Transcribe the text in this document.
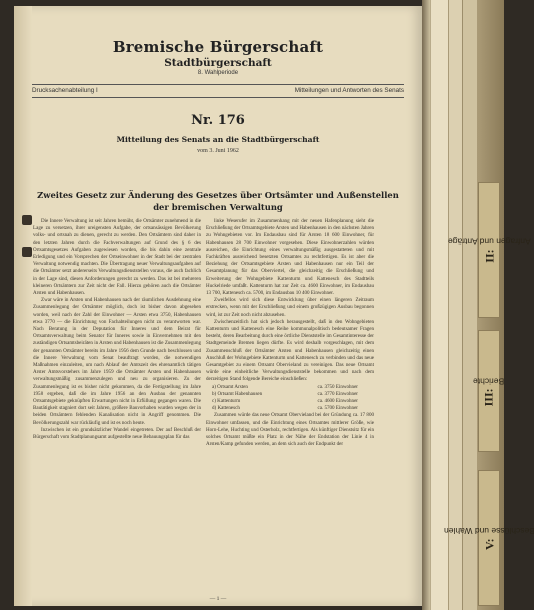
II: Anfragen und Anträge
III: Berichte
V: Beschlüsse und Wahlen
Bremische Bürgerschaft
Stadtbürgerschaft
8. Wahlperiode
Drucksachenabteilung I	Mitteilungen und Antworten des Senats
Nr. 176
Mitteilung des Senats an die Stadtbürgerschaft
vom 3. Juni 1962
Zweites Gesetz zur Änderung des Gesetzes über Ortsämter und Außenstellen
der bremischen Verwaltung

Die Innere Verwaltung ist seit Jahren bemüht, die Ortsämter zunehmend in die Lage zu versetzen, ihrer ureigensten Aufgabe, der ortsansässigen Bevölkerung volks- und ortsnah zu dienen, gerecht zu werden. Den Ortsämtern sind daher in den letzten Jahren durch die Fachverwaltungen auf Grund des § 6 des Ortsamtsgesetzes Aufgaben zugewiesen worden, die bis dahin eine zentrale Erledigung und ein Vorsprechen der Ortseinwohner in der Stadt bei der zentralen Verwaltung notwendig machten. Die Übertragung neuer Verwaltungsaufgaben auf die Ortsämter setzt andererseits Verwaltungsdienststellen voraus, die auch fachlich in der Lage sind, diesen Anforderungen gerecht zu werden. Das ist bei mehreren kleineren Ortsämtern zur Zeit nicht der Fall. Hierzu gehören auch die Ortsämter Arsten und Habenhausen.

Zwar wäre in Arsten und Habenhausen nach der räumlichen Ausdehnung eine Zusammenlegung der Ortsämter möglich, doch ist bisher davon abgesehen worden, weil nach der Zahl der Einwohner — Arsten etwa 3750, Habenhausen etwa 3770 — die Einrichtung von Fachabteilungen nicht zu verantworten war. Nach Beratung in der Deputation für Inneres und dem Beirat für Ortsamtsverwaltung beim Senator für Inneres sowie in Einvernehmen mit den zuständigen Ortsamtsbeiräten in Arsten und Habenhausen ist die Zusammenlegung der genannten Ortsämter bereits im Jahre 1956 dem Grunde nach beschlossen und die Innere Verwaltung vom Senat beauftragt worden, die notwendigen Maßnahmen einzuleiten, um nach Ablauf der Amtszeit des ehrenamtlich tätigen Arster Amtsvorstehers im Jahre 1959 die Ortsämter Arsten und Habenhausen verwaltungsmäßig zusammenzulegen und neu zu organisieren. Zu der Zusammenlegung ist es bisher nicht gekommen, da die Fertigstellung im Jahre 1958 ergeben, daß die im Jahre 1956 an den Ausbau der genannten Ortsamtsgebiete geknüpften Erwartungen nicht in Erfüllung gegangen waren. Die Bautätigkeit stagniert dort seit Jahren, größere Bauvorhaben wurden wegen der in beiden Ortsämtern fehlenden Kanalisation nicht in Angriff genommen. Die Bevölkerungszahl war rückläufig und ist es noch heute.

Inzwischen ist ein grundsätzlicher Wandel eingetreten. Der auf Beschluß der Bürgerschaft vom Stadtplanungsamt aufgestellte neue Bebauungsplan für das

linke Weserufer im Zusammenhang mit der neuen Hafenplanung sieht die Erschließung der Ortsamtsgebiete Arsten und Habenhausen in den nächsten Jahren zu Wohngebieten vor. Im Endausbau sind für Arsten 18 600 Einwohner, für Habenhausen 28 700 Einwohner vorgesehen. Diese Einwohnerzahlen würden ausreichen, die Einrichtung eines verwaltungsmäßig ausgestatteten und mit Fachkräften ausreichend besetzten Ortsamtes zu rechtfertigen. Es ist aber die Beziehung der Ortsamtsgebiete Arsten und Habenhausen nur ein Teil der Gesamtplanung für das Oberviertel, die gleichzeitig die Erschließung und Erweiterung der Wohngebiete Kattenturm und Kattenesch des Stadtteils Huckelriede umfaßt. Kattenturm hat zur Zeit ca. 4600 Einwohner, im Endausbau 13 700, Kattenesch ca. 5700, im Endausbau 10 400 Einwohner.

Zweifellos wird sich diese Entwicklung über einen längeren Zeitraum erstrecken, wenn mit der Erschließung und einem großzügigen Ausbau begonnen wird, ist zur Zeit noch nicht abzusehen.

Zwischenzeitlich hat sich jedoch herausgestellt, daß in den Wohngebieten Kattenturm und Kattenesch eine Reihe kommunalpolitisch bedeutsamer Fragen besteht, deren Bearbeitung durch eine örtliche Dienststelle im Gesamtinteresse der Stadtgemeinde Bremen liegen dürfte. Es wird deshalb vorgeschlagen, mit dem Zusammenschluß der Ortsämter Arsten und Habenhausen gleichzeitig einen Anschluß der Wohngebiete Kattenturm und Kattenesch zu verbinden und das neue Gesamtgebiet zu einem Ortsamt Obervieland zu vereinigen. Das neue Ortsamt würde eine einheitliche Verwaltungsdienststelle bekommen und nach dem derzeitigen Stand folgende Bereiche einschließen:

a) Ortsamt Arsten	ca. 3750 Einwohner
b) Ortsamt Habenhausen	ca. 3770 Einwohner
c) Kattenturm	ca. 4600 Einwohner
d) Kattenesch	ca. 5700 Einwohner

Zusammen würde das neue Ortsamt Obervieland bei der Gründung ca. 17 800 Einwohner umfassen, und die Einrichtung eines Ortsamtes mittlerer Größe, wie Horn-Lehe, Huchting und Osterholz, rechtfertigen. Als künftiger Dienstsitz für ein solches Ortsamt müßte ein Platz in der Nähe der Endstation der Linie 4 in Arsten/Kamp gefunden werden, an dem sich auch der Endpunkt der

— 1 —
